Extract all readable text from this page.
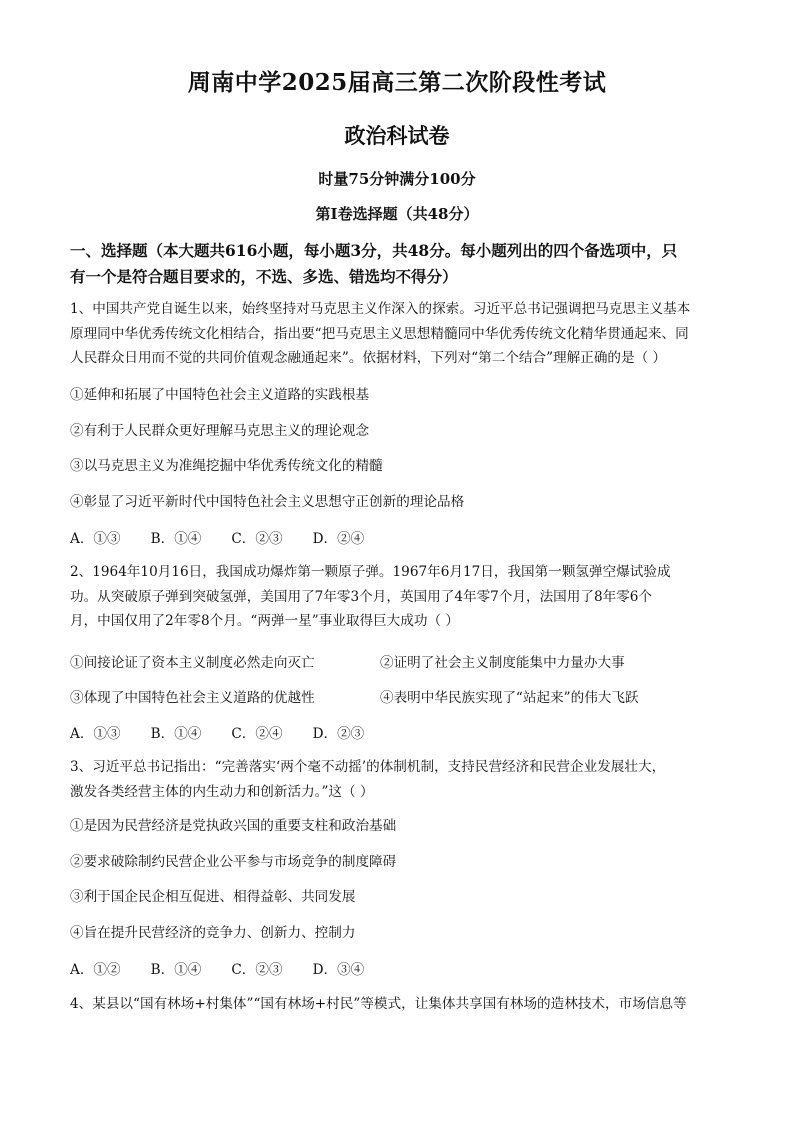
周南中学2025届高三第二次阶段性考试
政治科试卷
时量75分钟满分100分
第I卷选择题（共48分）
一、选择题（本大题共616小题，每小题3分，共48分。每小题列出的四个备选项中，只
有一个是符合题目要求的，不选、多选、错选均不得分）
1、中国共产党自诞生以来，始终坚持对马克思主义作深入的探索。习近平总书记强调把马克思主义基本
原理同中华优秀传统文化相结合，指出要“把马克思主义思想精髓同中华优秀传统文化精华贯通起来、同
人民群众日用而不觉的共同价值观念融通起来”。依据材料，下列对“第二个结合”理解正确的是（ ）
①延伸和拓展了中国特色社会主义道路的实践根基
②有利于人民群众更好理解马克思主义的理论观念
③以马克思主义为准绳挖掘中华优秀传统文化的精髓
④彰显了习近平新时代中国特色社会主义思想守正创新的理论品格
A．①③ B．①④ C．②③ D．②④
2、1964年10月16日，我国成功爆炸第一颗原子弹。1967年6月17日，我国第一颗氢弹空爆试验成
功。从突破原子弹到突破氢弹，美国用了7年零3个月，英国用了4年零7个月，法国用了8年零6个
月，中国仅用了2年零8个月。“两弹一星”事业取得巨大成功（ ）
①间接论证了资本主义制度必然走向灭亡	②证明了社会主义制度能集中力量办大事
③体现了中国特色社会主义道路的优越性	④表明中华民族实现了“站起来”的伟大飞跃
A．①③ B．①④ C．②④ D．②③
3、习近平总书记指出：“完善落实‘两个毫不动摇’的体制机制，支持民营经济和民营企业发展壮大，
激发各类经营主体的内生动力和创新活力。”这（ ）
①是因为民营经济是党执政兴国的重要支柱和政治基础
②要求破除制约民营企业公平参与市场竞争的制度障碍
③利于国企民企相互促进、相得益彰、共同发展
④旨在提升民营经济的竞争力、创新力、控制力
A．①② B．①④ C．②③ D．③④
4、某县以“国有林场+村集体”“国有林场+村民”等模式，让集体共享国有林场的造林技术，市场信息等
